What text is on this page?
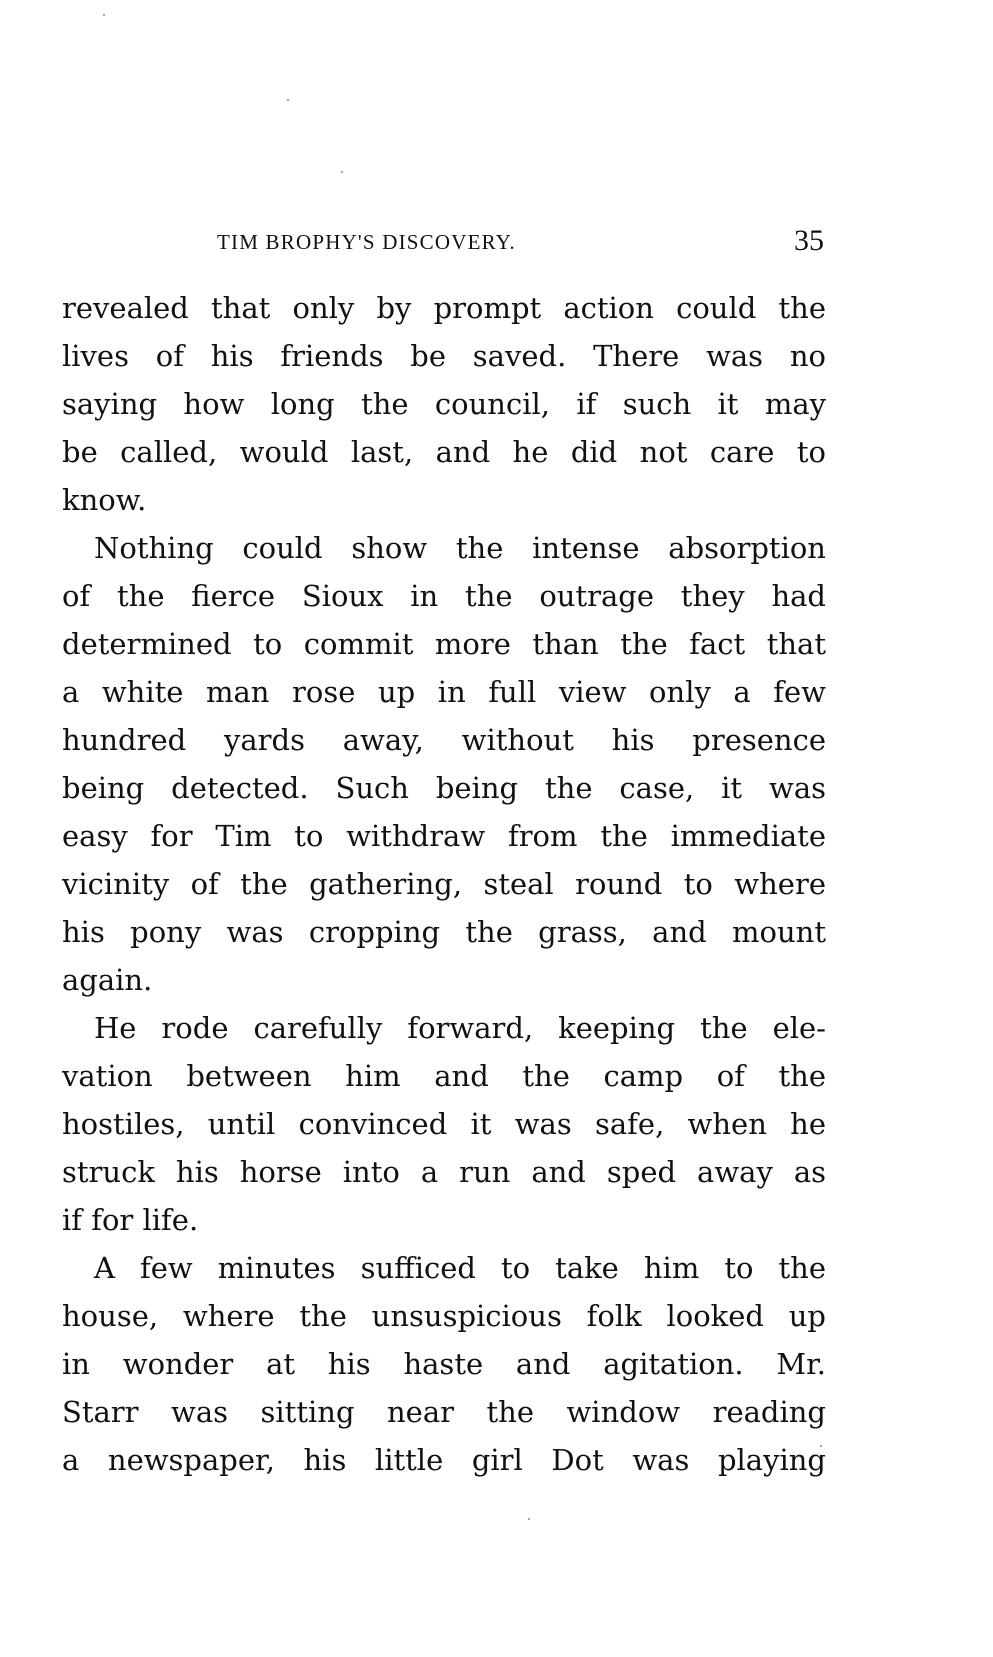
TIM BROPHY'S DISCOVERY.	35
revealed that only by prompt action could the
lives of his friends be saved. There was no
saying how long the council, if such it may
be called, would last, and he did not care to
know.
Nothing could show the intense absorption
of the fierce Sioux in the outrage they had
determined to commit more than the fact that
a white man rose up in full view only a few
hundred yards away, without his presence
being detected. Such being the case, it was
easy for Tim to withdraw from the immediate
vicinity of the gathering, steal round to where
his pony was cropping the grass, and mount
again.
He rode carefully forward, keeping the ele-
vation between him and the camp of the
hostiles, until convinced it was safe, when he
struck his horse into a run and sped away as
if for life.
A few minutes sufficed to take him to the
house, where the unsuspicious folk looked up
in wonder at his haste and agitation. Mr.
Starr was sitting near the window reading
a newspaper, his little girl Dot was playing
